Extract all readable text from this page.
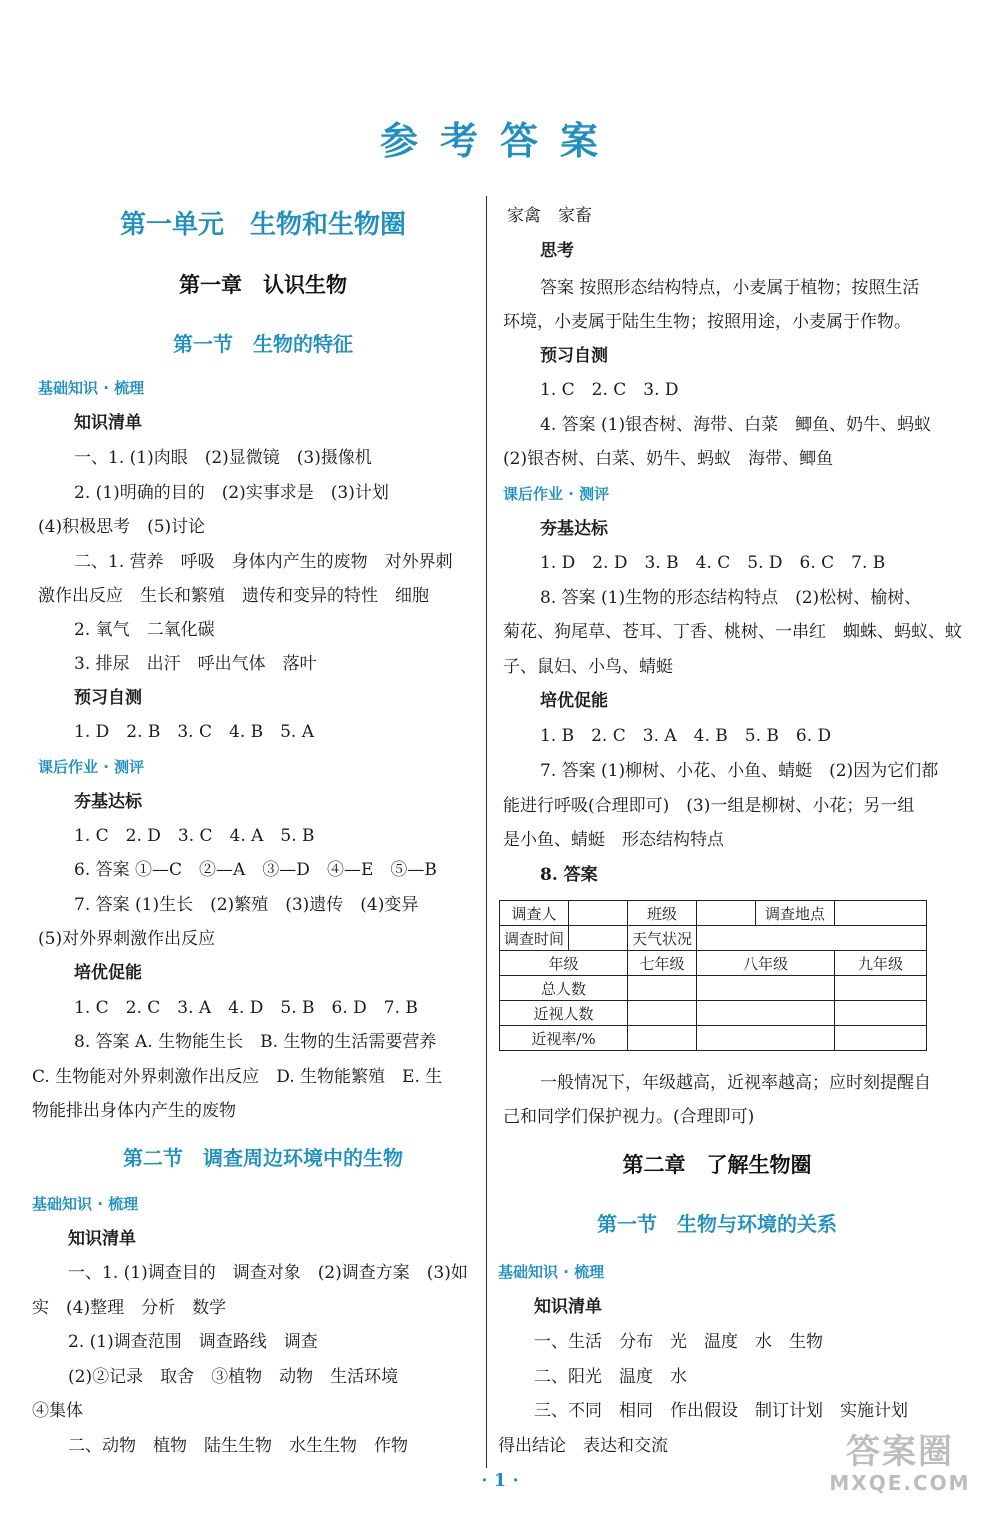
参考答案
第一单元　生物和生物圈
第一章　认识生物
第一节　生物的特征
基础知识 · 梳理
知识清单
一、1. (1)肉眼　(2)显微镜　(3)摄像机
2. (1)明确的目的　(2)实事求是　(3)计划
(4)积极思考　(5)讨论
二、1. 营养　呼吸　身体内产生的废物　对外界刺
激作出反应　生长和繁殖　遗传和变异的特性　细胞
2. 氧气　二氧化碳
3. 排尿　出汗　呼出气体　落叶
预习自测
1. D　2. B　3. C　4. B　5. A
课后作业 · 测评
夯基达标
1. C　2. D　3. C　4. A　5. B
6. 答案 ①—C　②—A　③—D　④—E　⑤—B
7. 答案 (1)生长　(2)繁殖　(3)遗传　(4)变异
(5)对外界刺激作出反应
培优促能
1. C　2. C　3. A　4. D　5. B　6. D　7. B
8. 答案 A. 生物能生长　B. 生物的生活需要营养
C. 生物能对外界刺激作出反应　D. 生物能繁殖　E. 生
物能排出身体内产生的废物
第二节　调查周边环境中的生物
基础知识 · 梳理
知识清单
一、1. (1)调查目的　调查对象　(2)调查方案　(3)如
实　(4)整理　分析　数学
2. (1)调查范围　调查路线　调查
(2)②记录　取舍　③植物　动物　生活环境
④集体
二、动物　植物　陆生生物　水生生物　作物
家禽　家畜
思考
答案 按照形态结构特点，小麦属于植物；按照生活
环境，小麦属于陆生生物；按照用途，小麦属于作物。
预习自测
1. C　2. C　3. D
4. 答案 (1)银杏树、海带、白菜　鲫鱼、奶牛、蚂蚁
(2)银杏树、白菜、奶牛、蚂蚁　海带、鲫鱼
课后作业 · 测评
夯基达标
1. D　2. D　3. B　4. C　5. D　6. C　7. B
8. 答案 (1)生物的形态结构特点　(2)松树、榆树、
菊花、狗尾草、苍耳、丁香、桃树、一串红　蜘蛛、蚂蚁、蚊
子、鼠妇、小鸟、蜻蜓
培优促能
1. B　2. C　3. A　4. B　5. B　6. D
7. 答案 (1)柳树、小花、小鱼、蜻蜓　(2)因为它们都
能进行呼吸(合理即可)　(3)一组是柳树、小花；另一组
是小鱼、蜻蜓　形态结构特点
8. 答案
调查人		班级		调查地点	
调查时间		天气状况			
年级		七年级	八年级		九年级
总人数					
近视人数					
近视率/%					
一般情况下，年级越高，近视率越高；应时刻提醒自
己和同学们保护视力。(合理即可)
第二章　了解生物圈
第一节　生物与环境的关系
基础知识 · 梳理
知识清单
一、生活　分布　光　温度　水　生物
二、阳光　温度　水
三、不同　相同　作出假设　制订计划　实施计划
得出结论　表达和交流
· 1 ·
答案圈
MXQE.COM
